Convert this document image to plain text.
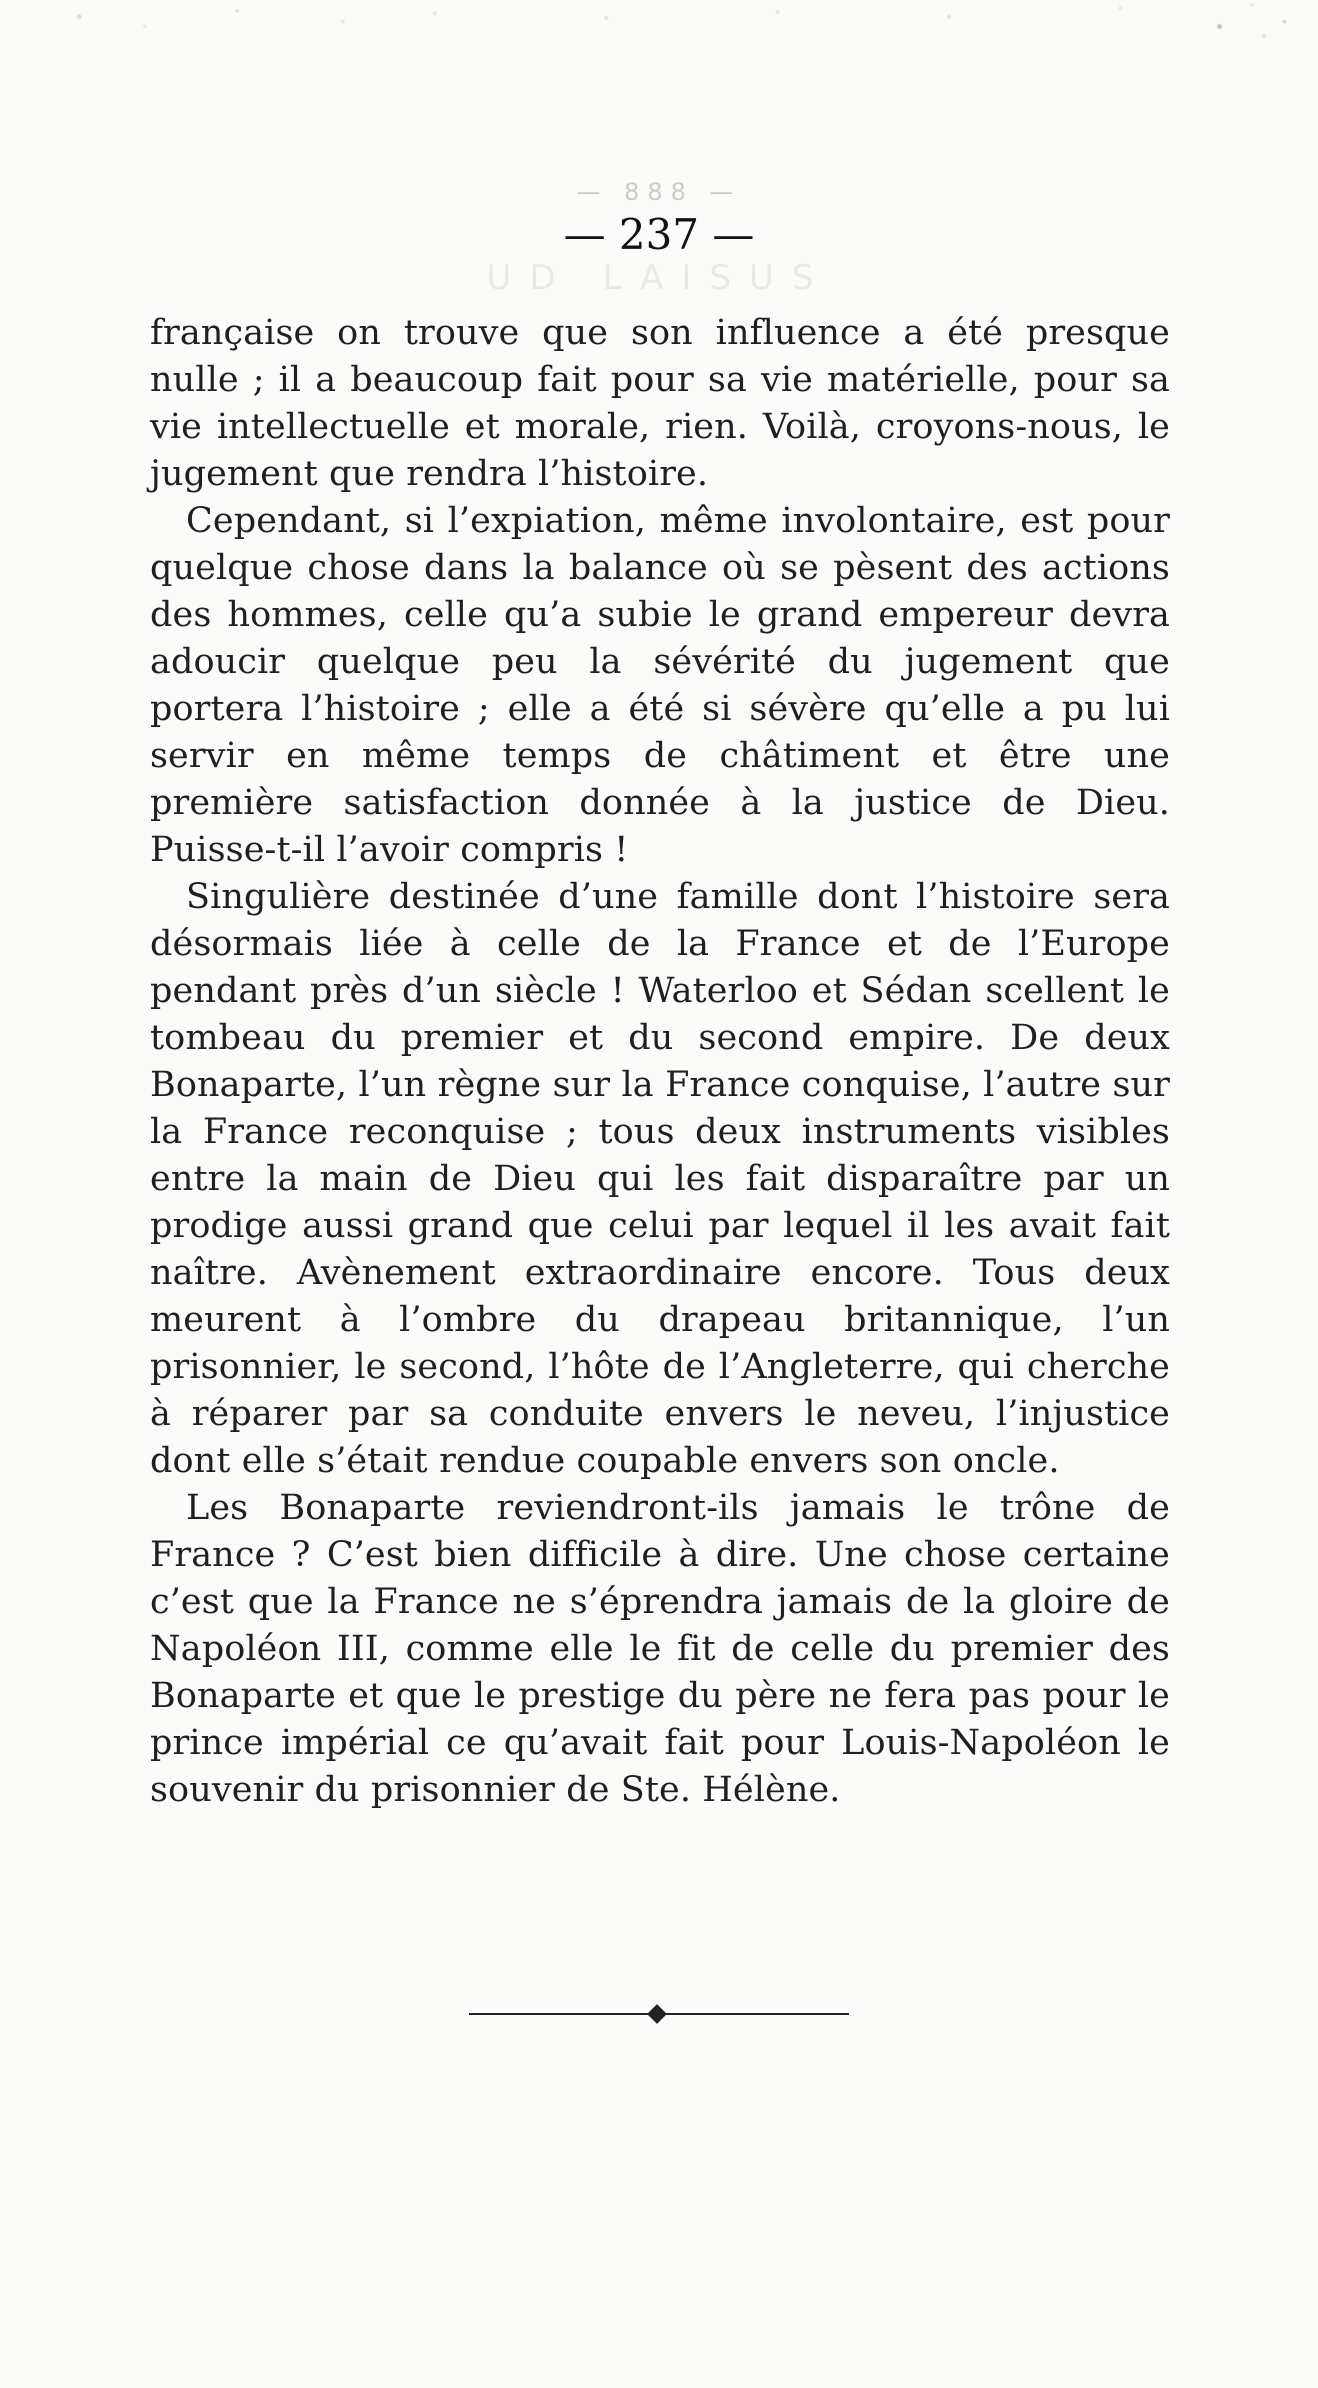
— 888 —
— 237 —
UD LAISUS

française on trouve que son influence a été presque nulle ; il a beaucoup fait pour sa vie matérielle, pour sa vie intellectuelle et morale, rien. Voilà, croyons-nous, le jugement que rendra l’histoire.

Cependant, si l’expiation, même involontaire, est pour quelque chose dans la balance où se pèsent des actions des hommes, celle qu’a subie le grand empereur devra adoucir quelque peu la sévérité du jugement que portera l’histoire ; elle a été si sévère qu’elle a pu lui servir en même temps de châtiment et être une première satisfaction donnée à la justice de Dieu. Puisse-t-il l’avoir compris !

Singulière destinée d’une famille dont l’histoire sera désormais liée à celle de la France et de l’Europe pendant près d’un siècle ! Waterloo et Sédan scellent le tombeau du premier et du second empire. De deux Bonaparte, l’un règne sur la France conquise, l’autre sur la France reconquise ; tous deux instruments visibles entre la main de Dieu qui les fait disparaître par un prodige aussi grand que celui par lequel il les avait fait naître. Avènement extraordinaire encore. Tous deux meurent à l’ombre du drapeau britannique, l’un prisonnier, le second, l’hôte de l’Angleterre, qui cherche à réparer par sa conduite envers le neveu, l’injustice dont elle s’était rendue coupable envers son oncle.

Les Bonaparte reviendront-ils jamais le trône de France ? C’est bien difficile à dire. Une chose certaine c’est que la France ne s’éprendra jamais de la gloire de Napoléon III, comme elle le fit de celle du premier des Bonaparte et que le prestige du père ne fera pas pour le prince impérial ce qu’avait fait pour Louis-Napoléon le souvenir du prisonnier de Ste. Hélène.
